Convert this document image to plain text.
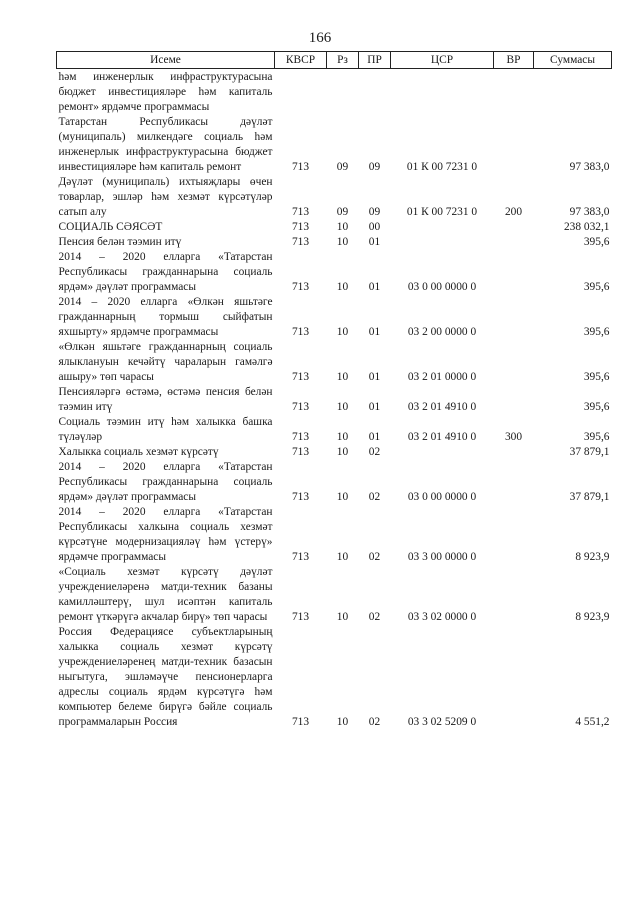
166
Исеме	КВСР	Рз	ПР	ЦСР	ВР	Суммасы
һәм инженерлык инфраструктурасына бюджет инвестицияләре һәм капиталь ремонт» ярдәмче программасы						
Татарстан Республикасы дәүләт (муниципаль) милкендәге социаль һәм инженерлык инфраструктурасына бюджет инвестицияләре һәм капиталь ремонт	713	09	09	01 К 00 7231 0		97 383,0
Дәүләт (муниципаль) ихтыяҗлары өчен товарлар, эшләр һәм хезмәт күрсәтүләр сатып алу	713	09	09	01 К 00 7231 0	200	97 383,0
СОЦИАЛЬ СӘЯСӘТ	713	10	00			238 032,1
Пенсия белән тәэмин итү	713	10	01			395,6
2014 – 2020 елларга «Татарстан Республикасы гражданнарына социаль ярдәм» дәүләт программасы	713	10	01	03 0 00 0000 0		395,6
2014 – 2020 елларга «Өлкән яшьтәге гражданнарның тормыш сыйфатын яхшырту» ярдәмче программасы	713	10	01	03 2 00 0000 0		395,6
«Өлкән яшьтәге гражданнарның социаль ялыклануын кечәйтү чараларын гамәлгә ашыру» төп чарасы	713	10	01	03 2 01 0000 0		395,6
Пенсияләргә өстәмә, өстәмә пенсия белән тәэмин итү	713	10	01	03 2 01 4910 0		395,6
Социаль тәэмин итү һәм халыкка башка түләүләр	713	10	01	03 2 01 4910 0	300	395,6
Халыкка социаль хезмәт күрсәтү	713	10	02			37 879,1
2014 – 2020 елларга «Татарстан Республикасы гражданнарына социаль ярдәм» дәүләт программасы	713	10	02	03 0 00 0000 0		37 879,1
2014 – 2020 елларга «Татарстан Республикасы халкына социаль хезмәт күрсәтүне модернизацияләү һәм үстерү» ярдәмче программасы	713	10	02	03 3 00 0000 0		8 923,9
«Социаль хезмәт күрсәтү дәүләт учреждениеләренә матди-техник базаны камилләштерү, шул исәптән капиталь ремонт үткәрүгә акчалар бирү» төп чарасы	713	10	02	03 3 02 0000 0		8 923,9
Россия Федерациясе субъектларының халыкка социаль хезмәт күрсәтү учреждениеләренең матди-техник базасын ныгытуга, эшләмәүче пенсионерларга адреслы социаль ярдәм күрсәтүгә һәм компьютер белеме бирүгә бәйле социаль программаларын Россия	713	10	02	03 3 02 5209 0		4 551,2
